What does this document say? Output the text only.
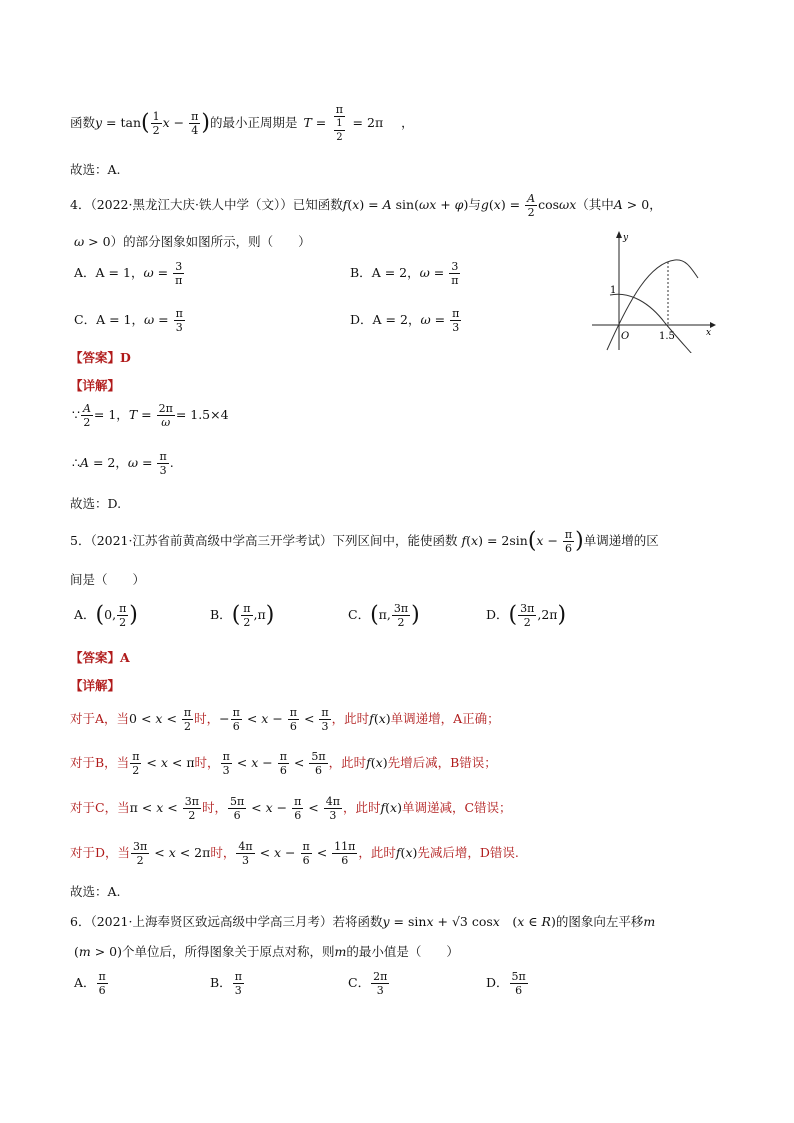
函数$y = \tan( \frac{1}{2}$ $x - \frac{\pi}{4}$ )的最小正周期是 $T = \frac{\pi}{\frac{1}{2}} = 2\pi$ ，
故选：A.
4．（2022·黑龙江大庆·铁人中学（文））已知函数f(x) = A sin(ωx + φ)与$g(x) = \frac{A}{2} \cos\omega x$（其中A > 0，
ω > 0）的部分图象如图所示，则（　　）
A．A = 1，$\omega = \frac{3}{\pi}$	B．A = 2，$\omega = \frac{3}{\pi}$
C．A = 1，$\omega = \frac{\pi}{3}$	D．A = 2，$\omega = \frac{\pi}{3}$
1
O	1.5	x
y
【答案】D
【详解】
∵ $\frac{A}{2} = 1$，$T = \frac{2\pi}{\omega} = 1.5\times 4$
∴A = 2，$\omega = \frac{\pi}{3}$ .
故选：D.
5．（2021·江苏省前黄高级中学高三开学考试）下列区间中，能使函数 $f(x) = 2\sin(x - \frac{\pi}{6}$ )单调递增的区
间是（　　）
A．(0, $\frac{\pi}{2}$ )	B．( $\frac{\pi}{2} ,\pi$)	C．(π, $\frac{3\pi}{2}$ )	D．( $\frac{3\pi}{2} ,2\pi$)
【答案】A
【详解】
对于A，当$0 < x < \frac{\pi}{2}$ 时，− $\frac{\pi}{6} < x - \frac{\pi}{6} < \frac{\pi}{3}$ ，此时f(x)单调递增，A正确；
对于B，当 $\frac{\pi}{2} < x < \pi$时， $\frac{\pi}{3} < x - \frac{\pi}{6} < \frac{5\pi}{6}$ ，此时f(x)先增后减，B错误；
对于C，当$\pi < x < \frac{3\pi}{2}$ 时， $\frac{5\pi}{6} < x - \frac{\pi}{6} < \frac{4\pi}{3}$ ，此时f(x)单调递减，C错误；
对于D，当 $\frac{3\pi}{2} < x < 2\pi$时， $\frac{4\pi}{3} < x - \frac{\pi}{6} < \frac{11\pi}{6}$ ，此时f(x)先减后增，D错误.
故选：A.
6．（2021·上海奉贤区致远高级中学高三月考）若将函数y = sinx + √3 cosx　(x ∈ R)的图象向左平移m
(m > 0)个单位后，所得图象关于原点对称，则m的最小值是（　　）
A． $\frac{\pi}{6}$	B． $\frac{\pi}{3}$	C． $\frac{2\pi}{3}$	D． $\frac{5\pi}{6}$
